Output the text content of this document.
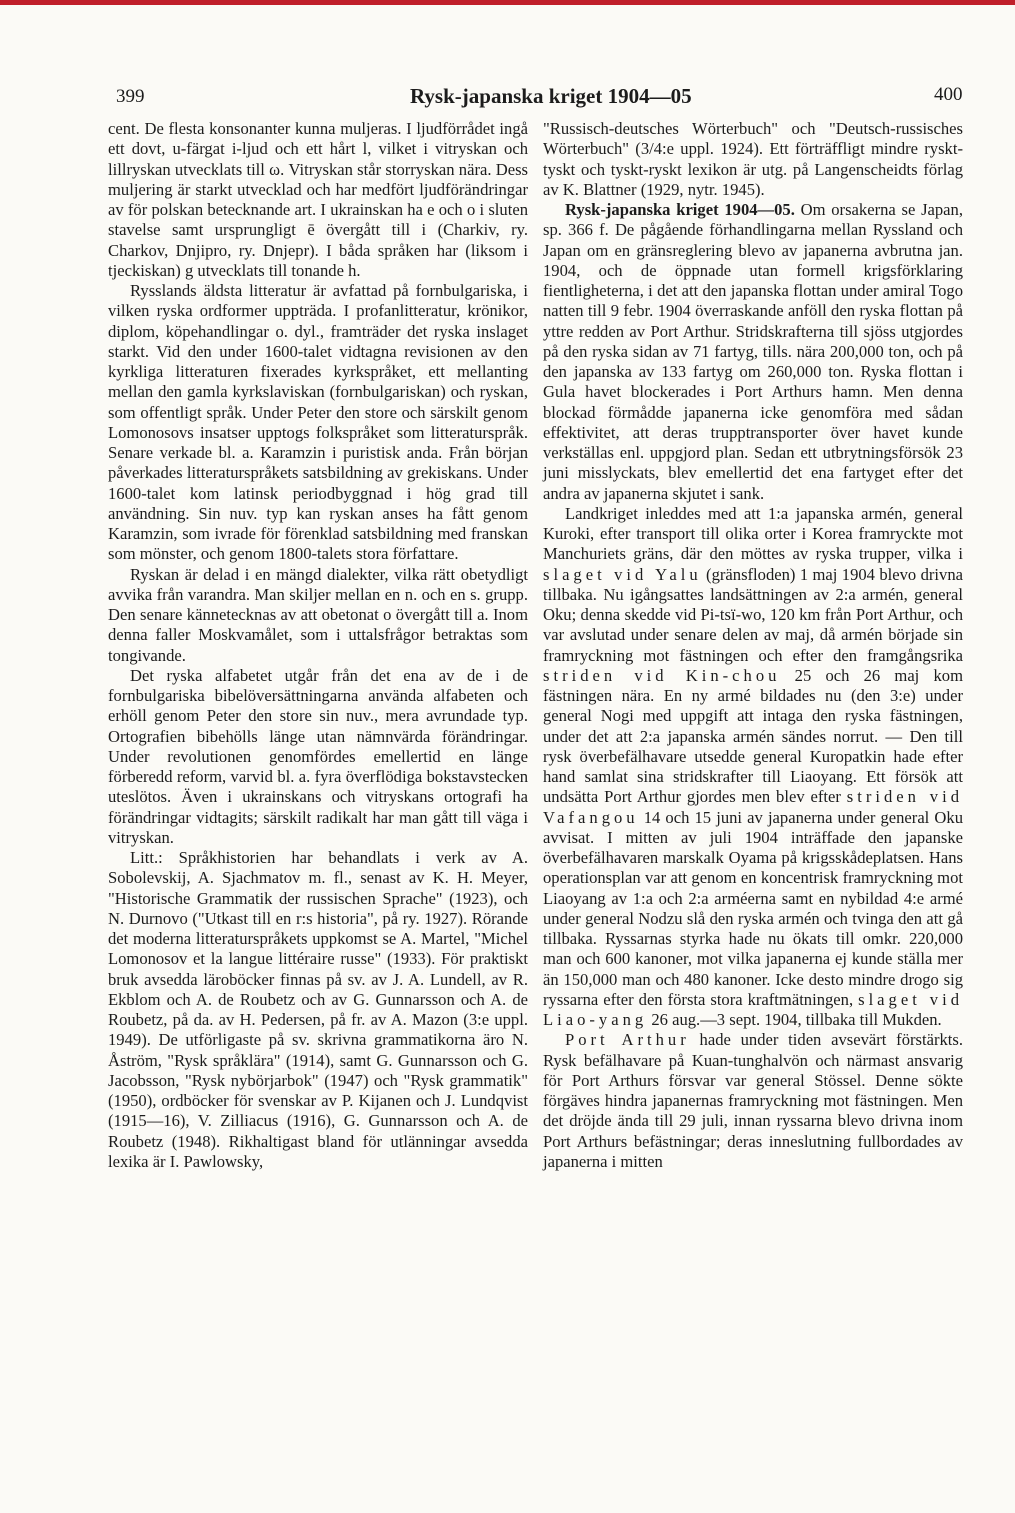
399	Rysk-japanska kriget 1904—05	400

cent. De flesta konsonanter kunna muljeras. I ljudförrådet ingå ett dovt, u-färgat i-ljud och ett hårt l, vilket i vitryskan och lillryskan utvecklats till ω. Vitryskan står storryskan nära. Dess muljering är starkt utvecklad och har medfört ljudförändringar av för polskan betecknande art. I ukrainskan ha e och o i sluten stavelse samt ursprungligt ē övergått till i (Charkiv, ry. Charkov, Dnjipro, ry. Dnjepr). I båda språken har (liksom i tjeckiskan) g utvecklats till tonande h.

Rysslands äldsta litteratur är avfattad på fornbulgariska, i vilken ryska ordformer uppträda. I profanlitteratur, krönikor, diplom, köpehandlingar o. dyl., framträder det ryska inslaget starkt. Vid den under 1600-talet vidtagna revisionen av den kyrkliga litteraturen fixerades kyrkspråket, ett mellanting mellan den gamla kyrkslaviskan (fornbulgariskan) och ryskan, som offentligt språk. Under Peter den store och särskilt genom Lomonosovs insatser upptogs folkspråket som litteraturspråk. Senare verkade bl. a. Karamzin i puristisk anda. Från början påverkades litteraturspråkets satsbildning av grekiskans. Under 1600-talet kom latinsk periodbyggnad i hög grad till användning. Sin nuv. typ kan ryskan anses ha fått genom Karamzin, som ivrade för förenklad satsbildning med franskan som mönster, och genom 1800-talets stora författare.

Ryskan är delad i en mängd dialekter, vilka rätt obetydligt avvika från varandra. Man skiljer mellan en n. och en s. grupp. Den senare kännetecknas av att obetonat o övergått till a. Inom denna faller Moskvamålet, som i uttalsfrågor betraktas som tongivande.

Det ryska alfabetet utgår från det ena av de i de fornbulgariska bibelöversättningarna använda alfabeten och erhöll genom Peter den store sin nuv., mera avrundade typ. Ortografien bibehölls länge utan nämnvärda förändringar. Under revolutionen genomfördes emellertid en länge förberedd reform, varvid bl. a. fyra överflödiga bokstavstecken uteslötos. Även i ukrainskans och vitryskans ortografi ha förändringar vidtagits; särskilt radikalt har man gått till väga i vitryskan.

Litt.: Språkhistorien har behandlats i verk av A. Sobolevskij, A. Sjachmatov m. fl., senast av K. H. Meyer, "Historische Grammatik der russischen Sprache" (1923), och N. Durnovo ("Utkast till en r:s historia", på ry. 1927). Rörande det moderna litteraturspråkets uppkomst se A. Martel, "Michel Lomonosov et la langue littéraire russe" (1933). För praktiskt bruk avsedda läroböcker finnas på sv. av J. A. Lundell, av R. Ekblom och A. de Roubetz och av G. Gunnarsson och A. de Roubetz, på da. av H. Pedersen, på fr. av A. Mazon (3:e uppl. 1949). De utförligaste på sv. skrivna grammatikorna äro N. Åström, "Rysk språklära" (1914), samt G. Gunnarsson och G. Jacobsson, "Rysk nybörjarbok" (1947) och "Rysk grammatik" (1950), ordböcker för svenskar av P. Kijanen och J. Lundqvist (1915—16), V. Zilliacus (1916), G. Gunnarsson och A. de Roubetz (1948). Rikhaltigast bland för utlänningar avsedda lexika är I. Pawlowsky,

"Russisch-deutsches Wörterbuch" och "Deutsch-russisches Wörterbuch" (3/4:e uppl. 1924). Ett förträffligt mindre ryskt-tyskt och tyskt-ryskt lexikon är utg. på Langenscheidts förlag av K. Blattner (1929, nytr. 1945).

Rysk-japanska kriget 1904—05. Om orsakerna se Japan, sp. 366 f. De pågående förhandlingarna mellan Ryssland och Japan om en gränsreglering blevo av japanerna avbrutna jan. 1904, och de öppnade utan formell krigsförklaring fientligheterna, i det att den japanska flottan under amiral Togo natten till 9 febr. 1904 överraskande anföll den ryska flottan på yttre redden av Port Arthur. Stridskrafterna till sjöss utgjordes på den ryska sidan av 71 fartyg, tills. nära 200,000 ton, och på den japanska av 133 fartyg om 260,000 ton. Ryska flottan i Gula havet blockerades i Port Arthurs hamn. Men denna blockad förmådde japanerna icke genomföra med sådan effektivitet, att deras trupptransporter över havet kunde verkställas enl. uppgjord plan. Sedan ett utbrytningsförsök 23 juni misslyckats, blev emellertid det ena fartyget efter det andra av japanerna skjutet i sank.

Landkriget inleddes med att 1:a japanska armén, general Kuroki, efter transport till olika orter i Korea framryckte mot Manchuriets gräns, där den möttes av ryska trupper, vilka i slaget vid Yalu (gränsfloden) 1 maj 1904 blevo drivna tillbaka. Nu igångsattes landsättningen av 2:a armén, general Oku; denna skedde vid Pi-tsï-wo, 120 km från Port Arthur, och var avslutad under senare delen av maj, då armén började sin framryckning mot fästningen och efter den framgångsrika striden vid Kin-chou 25 och 26 maj kom fästningen nära. En ny armé bildades nu (den 3:e) under general Nogi med uppgift att intaga den ryska fästningen, under det att 2:a japanska armén sändes norrut. — Den till rysk överbefälhavare utsedde general Kuropatkin hade efter hand samlat sina stridskrafter till Liaoyang. Ett försök att undsätta Port Arthur gjordes men blev efter striden vid Vafangou 14 och 15 juni av japanerna under general Oku avvisat. I mitten av juli 1904 inträffade den japanske överbefälhavaren marskalk Oyama på krigsskådeplatsen. Hans operationsplan var att genom en koncentrisk framryckning mot Liaoyang av 1:a och 2:a arméerna samt en nybildad 4:e armé under general Nodzu slå den ryska armén och tvinga den att gå tillbaka. Ryssarnas styrka hade nu ökats till omkr. 220,000 man och 600 kanoner, mot vilka japanerna ej kunde ställa mer än 150,000 man och 480 kanoner. Icke desto mindre drogo sig ryssarna efter den första stora kraftmätningen, slaget vid Liao-yang 26 aug.—3 sept. 1904, tillbaka till Mukden.

Port Arthur hade under tiden avsevärt förstärkts. Rysk befälhavare på Kuan-tunghalvön och närmast ansvarig för Port Arthurs försvar var general Stössel. Denne sökte förgäves hindra japanernas framryckning mot fästningen. Men det dröjde ända till 29 juli, innan ryssarna blevo drivna inom Port Arthurs befästningar; deras inneslutning fullbordades av japanerna i mitten
